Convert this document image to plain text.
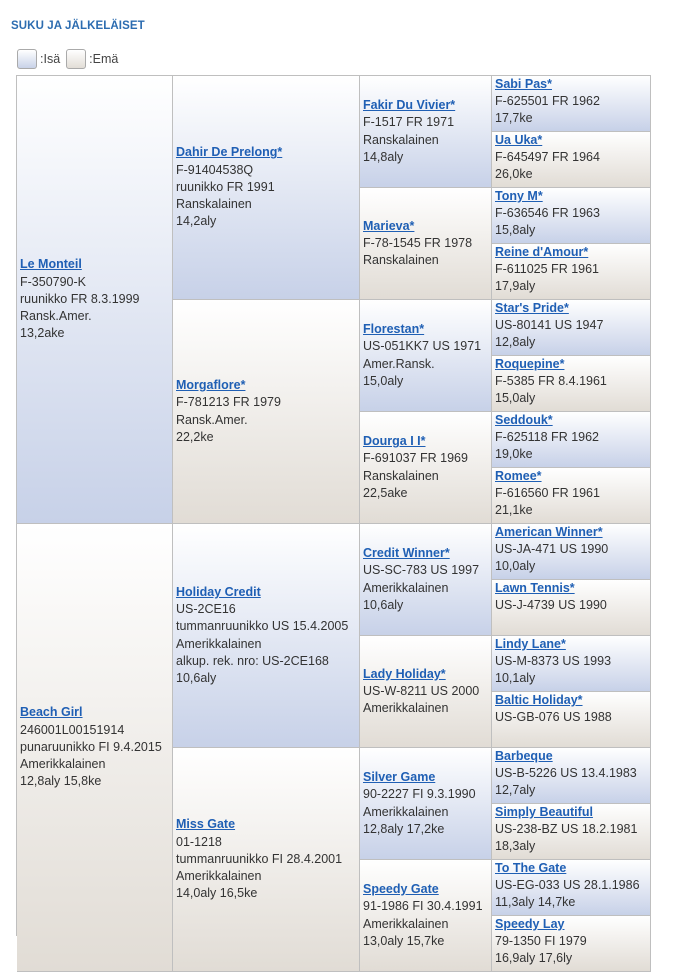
SUKU JA JÄLKELÄISET
:Isä :Emä
Le Monteil
F-350790-K
ruunikko FR 8.3.1999
Ransk.Amer.
13,2ake
Beach Girl
246001L00151914
punaruunikko FI 9.4.2015
Amerikkalainen
12,8aly 15,8ke
Dahir De Prelong*
F-91404538Q
ruunikko FR 1991
Ranskalainen
14,2aly
Morgaflore*
F-781213 FR 1979
Ransk.Amer.
22,2ke
Holiday Credit
US-2CE16
tummanruunikko US 15.4.2005
Amerikkalainen
alkup. rek. nro: US-2CE168
10,6aly
Miss Gate
01-1218
tummanruunikko FI 28.4.2001
Amerikkalainen
14,0aly 16,5ke
Fakir Du Vivier*
F-1517 FR 1971
Ranskalainen
14,8aly
Marieva*
F-78-1545 FR 1978
Ranskalainen
Florestan*
US-051KK7 US 1971
Amer.Ransk.
15,0aly
Dourga I I*
F-691037 FR 1969
Ranskalainen
22,5ake
Credit Winner*
US-SC-783 US 1997
Amerikkalainen
10,6aly
Lady Holiday*
US-W-8211 US 2000
Amerikkalainen
Silver Game
90-2227 FI 9.3.1990
Amerikkalainen
12,8aly 17,2ke
Speedy Gate
91-1986 FI 30.4.1991
Amerikkalainen
13,0aly 15,7ke
Sabi Pas*
F-625501 FR 1962
17,7ke
Ua Uka*
F-645497 FR 1964
26,0ke
Tony M*
F-636546 FR 1963
15,8aly
Reine d'Amour*
F-611025 FR 1961
17,9aly
Star's Pride*
US-80141 US 1947
12,8aly
Roquepine*
F-5385 FR 8.4.1961
15,0aly
Seddouk*
F-625118 FR 1962
19,0ke
Romee*
F-616560 FR 1961
21,1ke
American Winner*
US-JA-471 US 1990
10,0aly
Lawn Tennis*
US-J-4739 US 1990
Lindy Lane*
US-M-8373 US 1993
10,1aly
Baltic Holiday*
US-GB-076 US 1988
Barbeque
US-B-5226 US 13.4.1983
12,7aly
Simply Beautiful
US-238-BZ US 18.2.1981
18,3aly
To The Gate
US-EG-033 US 28.1.1986
11,3aly 14,7ke
Speedy Lay
79-1350 FI 1979
16,9aly 17,6ly
